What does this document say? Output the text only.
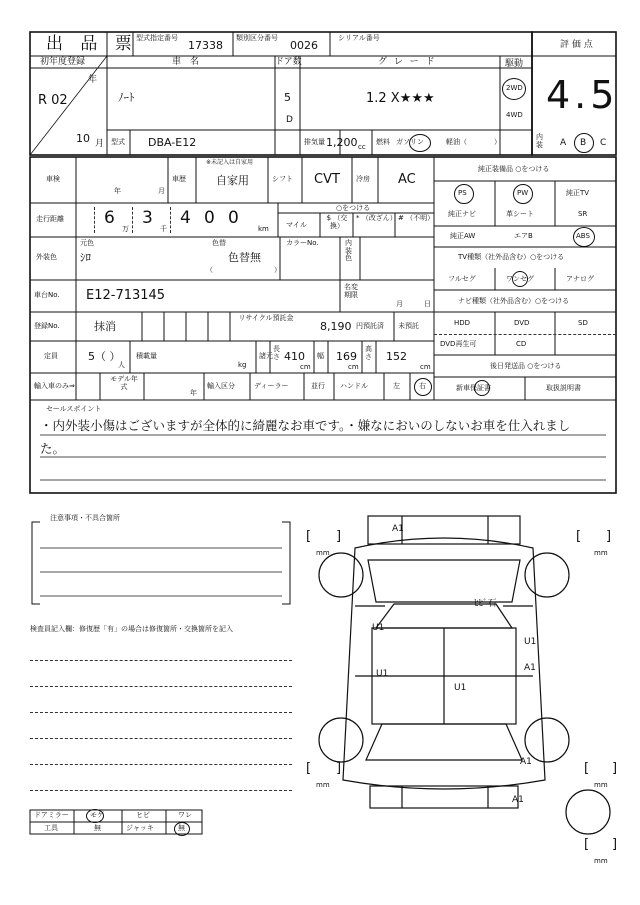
出 品 票
型式指定番号
17338
類別区分番号
0026
シリアル番号
評 価 点
4.5
初年度登録
年
R 02
10 月
車　名
ﾉｰﾄ
ドア数
5
D
グ レ ー ド
1.2 X★★★
駆動
2WD
4WD
型式 DBA-E12	排気量 1,200 cc
燃料 ガソリン	軽油（	）
内装 A B C
車検
年	月
車歴
※未記入は自家用
自家用	シフト CVT 冷房 AC
走行距離 6
万
3
千
4 0 0
km マイル
○をつける
$ （交換）
* （改ざん） # （不明）
外装色
元色
ｼﾛ
色替
色替無
（	）
カラーNo.	内装色
車台No. E12-713145
名変期限
月	日
登録No.	抹消
リサイクル預託金
8,190 円預託済 未預託
定員	5（ ）
人
積載量
kg
諸元
長さ 410
cm
幅 169
cm
高さ 152
cm
輸入車のみ⇒
モデル年式
年
輸入区分	ディーラー	並行 ハンドル	左	右
純正装備品 ○をつける
PS	PW	純正TV
純正ナビ	革シート	SR
純正AW	エアB	ABS
TV種類（社外品含む）○をつける
フルセグ	ワンセグ	アナログ
ナビ種類（社外品含む）○をつける
HDD	DVD	SD
DVD再生可	CD
後日発送品 ○をつける
新車保証書	取扱説明書
セールスポイント
・内外装小傷はございますが全体的に綺麗なお車です。・嫌なにおいのしないお車を仕入れまし
た。
注意事項・不具合箇所
検査員記入欄：修復歴「有」の場合は修復箇所・交換箇所を記入
ドアミラー	モゲ	ヒビ	ワレ
工具	無	ジャッキ	無
[ ]
mm
[ ]
mm
[ ]
mm
[ ]
mm
[ ]
mm
A1
ﾋﾋﾞ石
U1
U1
U1
U1
A1
A1
A1
